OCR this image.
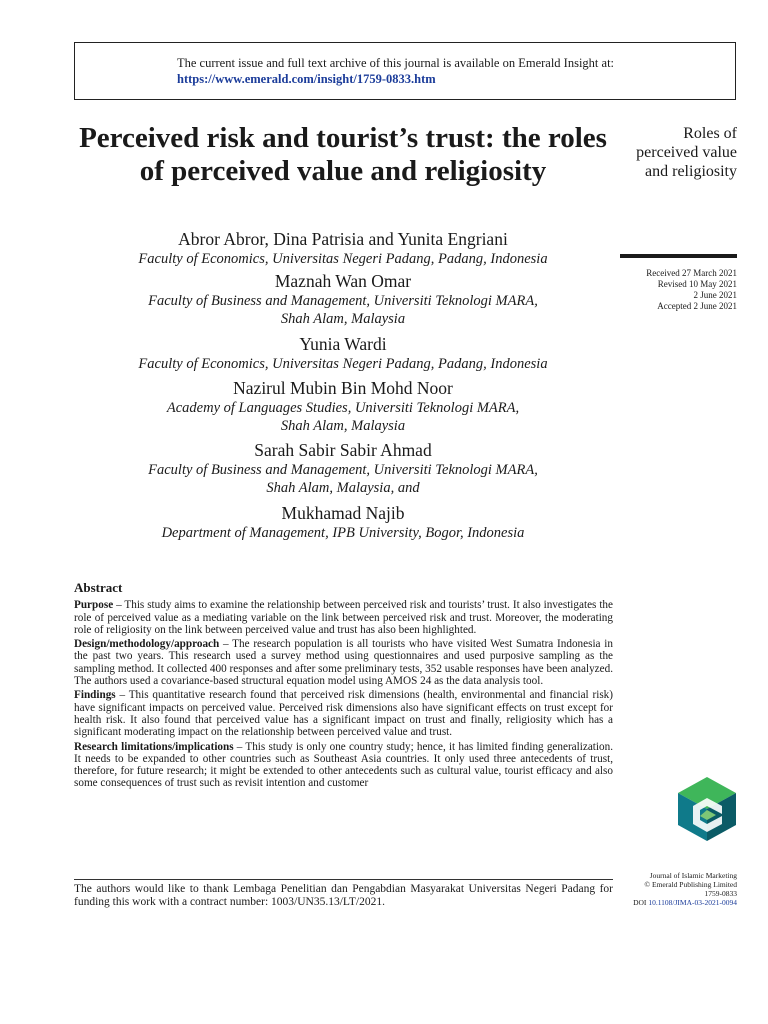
The current issue and full text archive of this journal is available on Emerald Insight at:
https://www.emerald.com/insight/1759-0833.htm
Perceived risk and tourist’s trust: the roles of perceived value and religiosity
Roles of perceived value and religiosity
Received 27 March 2021
Revised 10 May 2021
2 June 2021
Accepted 2 June 2021
Abror Abror, Dina Patrisia and Yunita Engriani
Faculty of Economics, Universitas Negeri Padang, Padang, Indonesia
Maznah Wan Omar
Faculty of Business and Management, Universiti Teknologi MARA,
Shah Alam, Malaysia
Yunia Wardi
Faculty of Economics, Universitas Negeri Padang, Padang, Indonesia
Nazirul Mubin Bin Mohd Noor
Academy of Languages Studies, Universiti Teknologi MARA,
Shah Alam, Malaysia
Sarah Sabir Sabir Ahmad
Faculty of Business and Management, Universiti Teknologi MARA,
Shah Alam, Malaysia, and
Mukhamad Najib
Department of Management, IPB University, Bogor, Indonesia
Abstract

Purpose – This study aims to examine the relationship between perceived risk and tourists’ trust. It also investigates the role of perceived value as a mediating variable on the link between perceived risk and trust. Moreover, the moderating role of religiosity on the link between perceived value and trust has also been highlighted.

Design/methodology/approach – The research population is all tourists who have visited West Sumatra Indonesia in the past two years. This research used a survey method using questionnaires and used purposive sampling as the sampling method. It collected 400 responses and after some preliminary tests, 352 usable responses have been analyzed. The authors used a covariance-based structural equation model using AMOS 24 as the data analysis tool.

Findings – This quantitative research found that perceived risk dimensions (health, environmental and financial risk) have significant impacts on perceived value. Perceived risk dimensions also have significant effects on trust except for health risk. It also found that perceived value has a significant impact on trust and finally, religiosity which has a significant moderating impact on the relationship between perceived value and trust.

Research limitations/implications – This study is only one country study; hence, it has limited finding generalization. It needs to be expanded to other countries such as Southeast Asia countries. It only used three antecedents of trust, therefore, for future research; it might be extended to other antecedents such as cultural value, tourist efficacy and also some consequences of trust such as revisit intention and customer

The authors would like to thank Lembaga Penelitian dan Pengabdian Masyarakat Universitas Negeri Padang for funding this work with a contract number: 1003/UN35.13/LT/2021.
Journal of Islamic Marketing
© Emerald Publishing Limited
1759-0833
DOI 10.1108/JIMA-03-2021-0094
